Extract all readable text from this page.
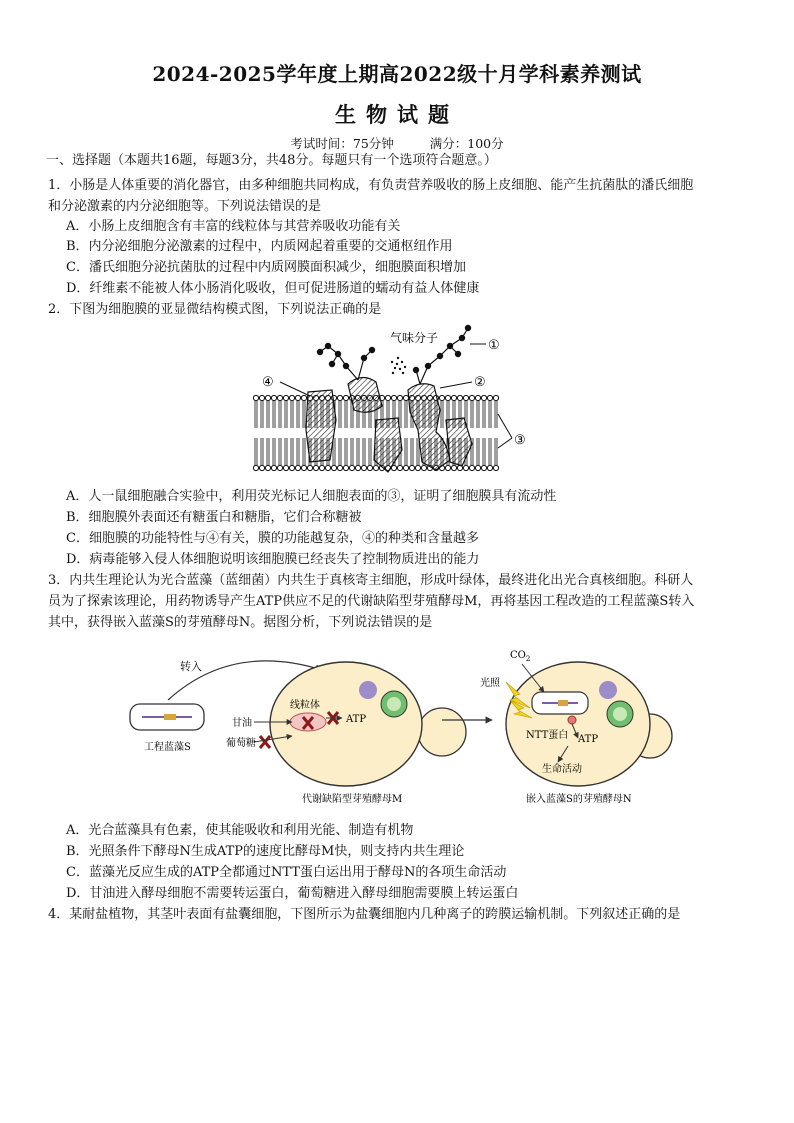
2024-2025学年度上期高2022级十月学科素养测试
生物试题
考试时间：75分钟	满分：100分
一、选择题（本题共16题，每题3分，共48分。每题只有一个选项符合题意。）
1．小肠是人体重要的消化器官，由多种细胞共同构成，有负责营养吸收的肠上皮细胞、能产生抗菌肽的潘氏细胞
和分泌激素的内分泌细胞等。下列说法错误的是
A．小肠上皮细胞含有丰富的线粒体与其营养吸收功能有关
B．内分泌细胞分泌激素的过程中，内质网起着重要的交通枢纽作用
C．潘氏细胞分泌抗菌肽的过程中内质网膜面积减少，细胞膜面积增加
D．纤维素不能被人体小肠消化吸收，但可促进肠道的蠕动有益人体健康
2．下图为细胞膜的亚显微结构模式图，下列说法正确的是
气味分子	①
②
④
③
A．人一鼠细胞融合实验中，利用荧光标记人细胞表面的③，证明了细胞膜具有流动性
B．细胞膜外表面还有糖蛋白和糖脂，它们合称糖被
C．细胞膜的功能特性与④有关，膜的功能越复杂，④的种类和含量越多
D．病毒能够入侵人体细胞说明该细胞膜已经丧失了控制物质进出的能力
3．内共生理论认为光合蓝藻（蓝细菌）内共生于真核寄主细胞，形成叶绿体，最终进化出光合真核细胞。科研人
员为了探索该理论，用药物诱导产生ATP供应不足的代谢缺陷型芽殖酵母M，再将基因工程改造的工程蓝藻S转入
其中，获得嵌入蓝藻S的芽殖酵母N。据图分析，下列说法错误的是
工程蓝藻S
转入
甘油
葡萄糖
线粒体
ATP
代谢缺陷型芽殖酵母M
$CO_2$
光照
NTT蛋白 ATP
生命活动
嵌入蓝藻S的芽殖酵母N
A．光合蓝藻具有色素，使其能吸收和利用光能、制造有机物
B．光照条件下酵母N生成ATP的速度比酵母M快，则支持内共生理论
C．蓝藻光反应生成的ATP全都通过NTT蛋白运出用于酵母N的各项生命活动
D．甘油进入酵母细胞不需要转运蛋白，葡萄糖进入酵母细胞需要膜上转运蛋白
4．某耐盐植物，其茎叶表面有盐囊细胞，下图所示为盐囊细胞内几种离子的跨膜运输机制。下列叙述正确的是
